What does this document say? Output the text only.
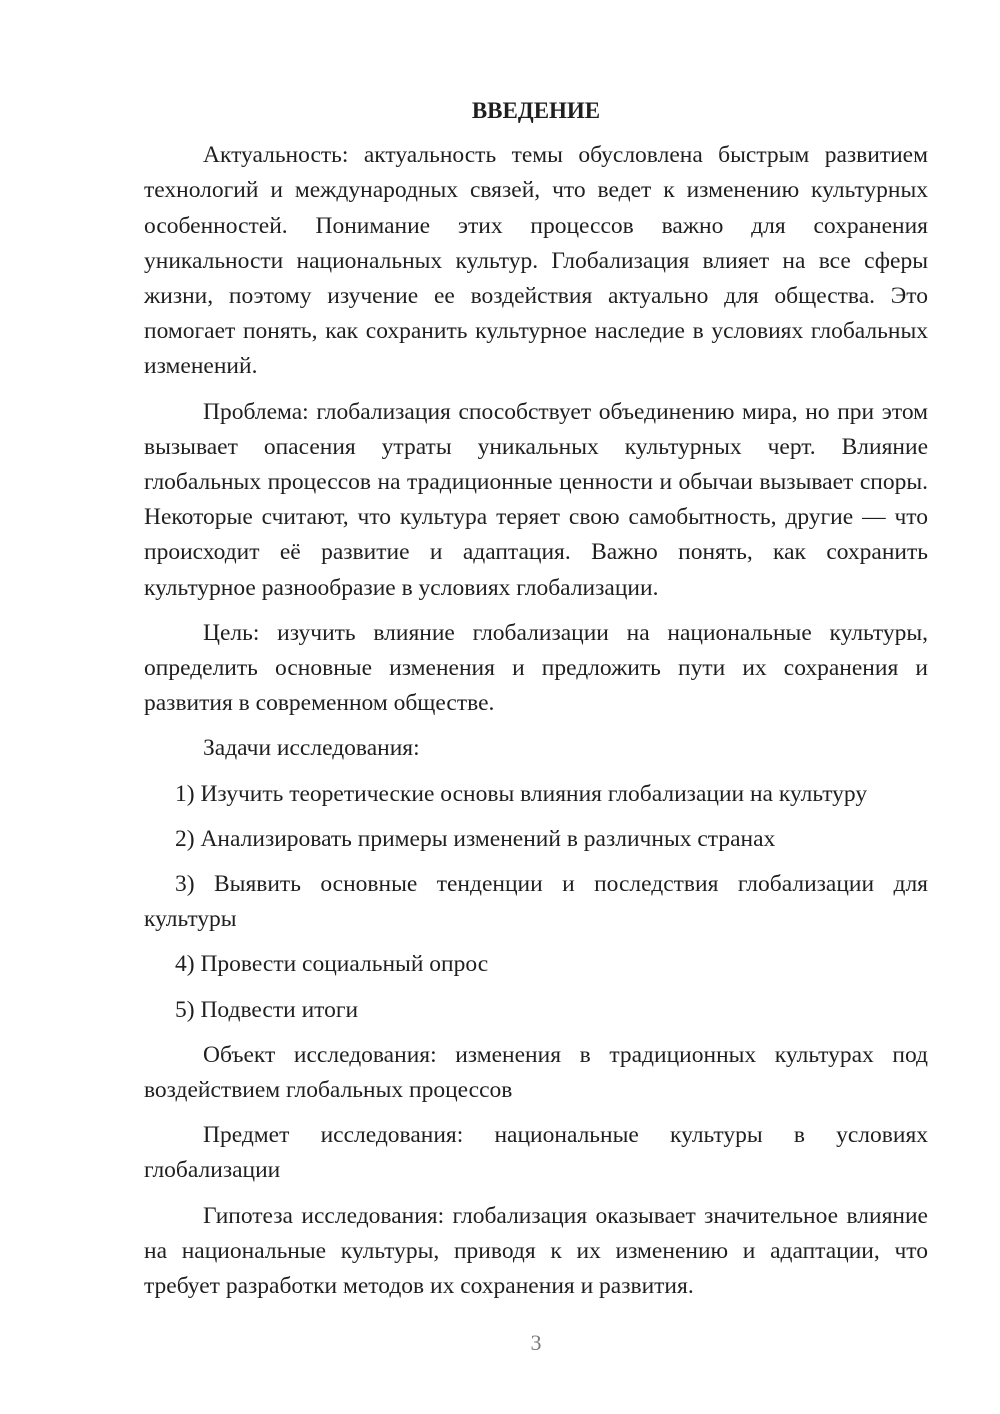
ВВЕДЕНИЕ
Актуальность: актуальность темы обусловлена быстрым развитием технологий и международных связей, что ведет к изменению культурных особенностей. Понимание этих процессов важно для сохранения уникальности национальных культур. Глобализация влияет на все сферы жизни, поэтому изучение ее воздействия актуально для общества. Это помогает понять, как сохранить культурное наследие в условиях глобальных изменений.
Проблема: глобализация способствует объединению мира, но при этом вызывает опасения утраты уникальных культурных черт. Влияние глобальных процессов на традиционные ценности и обычаи вызывает споры. Некоторые считают, что культура теряет свою самобытность, другие — что происходит её развитие и адаптация. Важно понять, как сохранить культурное разнообразие в условиях глобализации.
Цель: изучить влияние глобализации на национальные культуры, определить основные изменения и предложить пути их сохранения и развития в современном обществе.
Задачи исследования:
1) Изучить теоретические основы влияния глобализации на культуру
2) Анализировать примеры изменений в различных странах
3) Выявить основные тенденции и последствия глобализации для культуры
4) Провести социальный опрос
5) Подвести итоги
Объект исследования: изменения в традиционных культурах под воздействием глобальных процессов
Предмет исследования: национальные культуры в условиях глобализации
Гипотеза исследования: глобализация оказывает значительное влияние на национальные культуры, приводя к их изменению и адаптации, что требует разработки методов их сохранения и развития.
3
